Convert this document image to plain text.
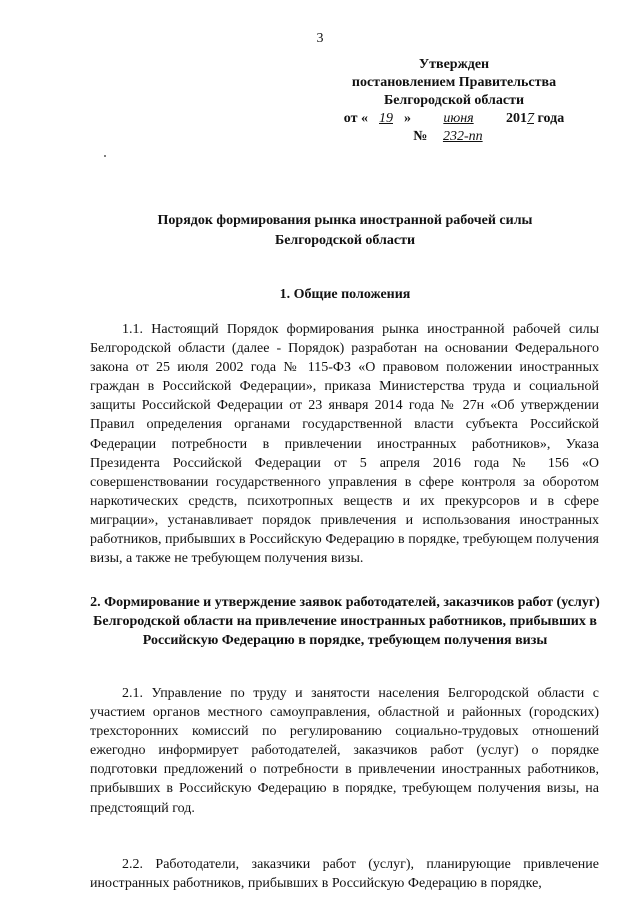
3
Утвержден
постановлением Правительства
Белгородской области
от « 19 » июня 2017 года
№ 232-пп
Порядок формирования рынка иностранной рабочей силы
Белгородской области
1. Общие положения
1.1. Настоящий Порядок формирования рынка иностранной рабочей силы Белгородской области (далее - Порядок) разработан на основании Федерального закона от 25 июля 2002 года № 115-ФЗ «О правовом положении иностранных граждан в Российской Федерации», приказа Министерства труда и социальной защиты Российской Федерации от 23 января 2014 года № 27н «Об утверждении Правил определения органами государственной власти субъекта Российской Федерации потребности в привлечении иностранных работников», Указа Президента Российской Федерации от 5 апреля 2016 года № 156 «О совершенствовании государственного управления в сфере контроля за оборотом наркотических средств, психотропных веществ и их прекурсоров и в сфере миграции», устанавливает порядок привлечения и использования иностранных работников, прибывших в Российскую Федерацию в порядке, требующем получения визы, а также не требующем получения визы.
2. Формирование и утверждение заявок работодателей, заказчиков работ (услуг) Белгородской области на привлечение иностранных работников, прибывших в Российскую Федерацию в порядке, требующем получения визы
2.1. Управление по труду и занятости населения Белгородской области с участием органов местного самоуправления, областной и районных (городских) трехсторонних комиссий по регулированию социально-трудовых отношений ежегодно информирует работодателей, заказчиков работ (услуг) о порядке подготовки предложений о потребности в привлечении иностранных работников, прибывших в Российскую Федерацию в порядке, требующем получения визы, на предстоящий год.
2.2. Работодатели, заказчики работ (услуг), планирующие привлечение иностранных работников, прибывших в Российскую Федерацию в порядке,
